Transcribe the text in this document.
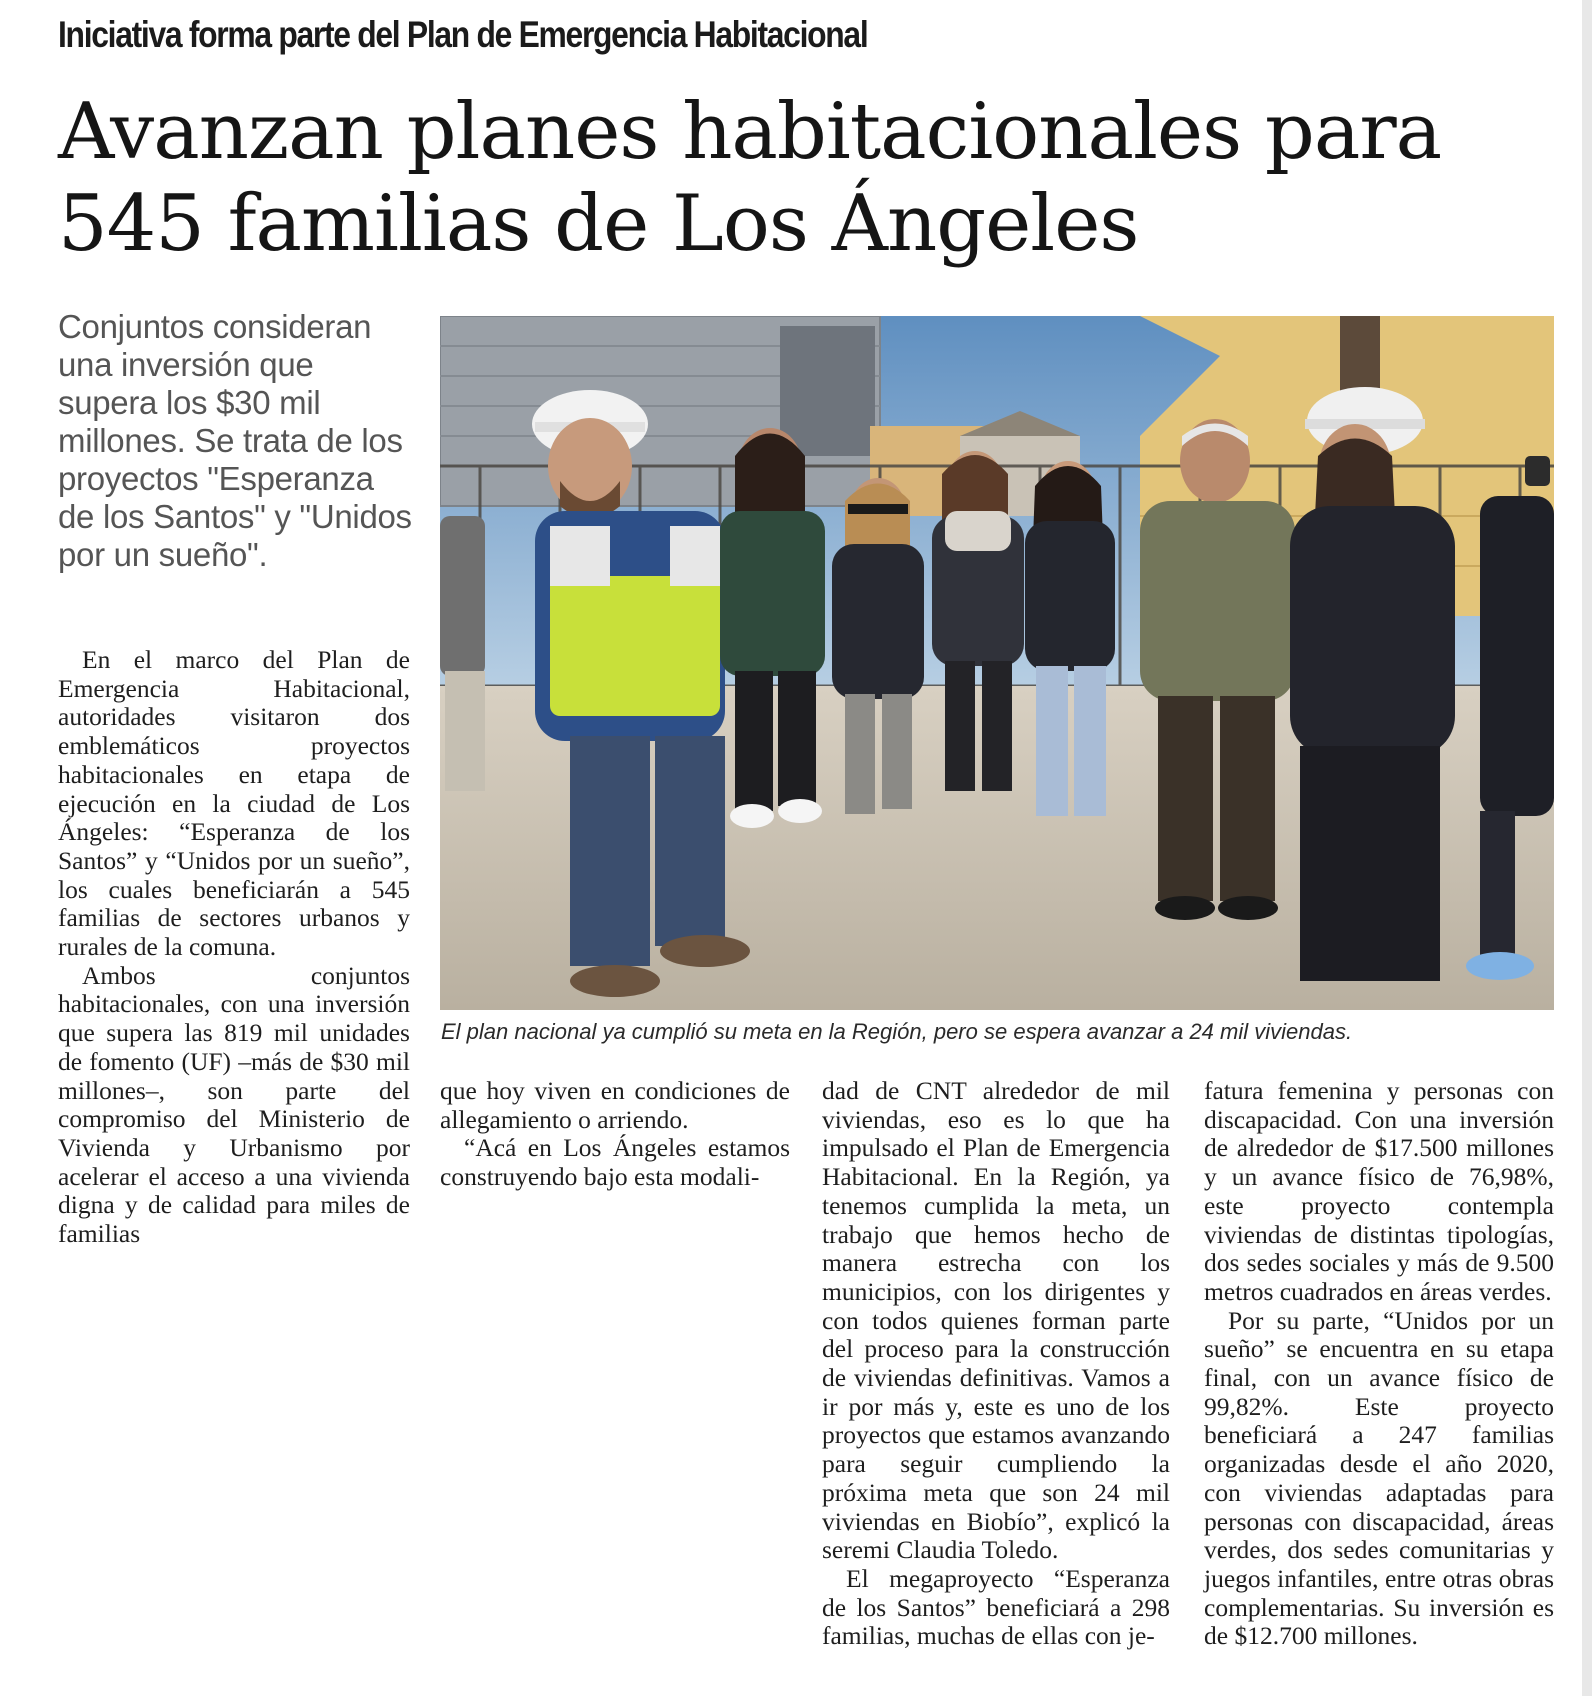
Iniciativa forma parte del Plan de Emergencia Habitacional
Avanzan planes habitacionales para
545 familias de Los Ángeles

Conjuntos consideran una inversión que supera los $30 mil millones. Se trata de los proyectos "Esperanza de los Santos" y "Unidos por un sueño".

El plan nacional ya cumplió su meta en la Región, pero se espera avanzar a 24 mil viviendas.

En el marco del Plan de Emergencia Habitacional, autoridades visitaron dos emblemáticos proyectos habitacionales en etapa de ejecución en la ciudad de Los Ángeles: “Esperanza de los Santos” y “Unidos por un sueño”, los cuales beneficiarán a 545 familias de sectores urbanos y rurales de la comuna.

Ambos conjuntos habitacionales, con una inversión que supera las 819 mil unidades de fomento (UF) –más de $30 mil millones–, son parte del compromiso del Ministerio de Vivienda y Urbanismo por acelerar el acceso a una vivienda digna y de calidad para miles de familias

que hoy viven en condiciones de allegamiento o arriendo.

“Acá en Los Ángeles estamos construyendo bajo esta modali-

dad de CNT alrededor de mil viviendas, eso es lo que ha impulsado el Plan de Emergencia Habitacional. En la Región, ya tenemos cumplida la meta, un trabajo que hemos hecho de manera estrecha con los municipios, con los dirigentes y con todos quienes forman parte del proceso para la construcción de viviendas definitivas. Vamos a ir por más y, este es uno de los proyectos que estamos avanzando para seguir cumpliendo la próxima meta que son 24 mil viviendas en Biobío”, explicó la seremi Claudia Toledo.

El megaproyecto “Esperanza de los Santos” beneficiará a 298 familias, muchas de ellas con je-

fatura femenina y personas con discapacidad. Con una inversión de alrededor de $17.500 millones y un avance físico de 76,98%, este proyecto contempla viviendas de distintas tipologías, dos sedes sociales y más de 9.500 metros cuadrados en áreas verdes.

Por su parte, “Unidos por un sueño” se encuentra en su etapa final, con un avance físico de 99,82%. Este proyecto beneficiará a 247 familias organizadas desde el año 2020, con viviendas adaptadas para personas con discapacidad, áreas verdes, dos sedes comunitarias y juegos infantiles, entre otras obras complementarias. Su inversión es de $12.700 millones.
